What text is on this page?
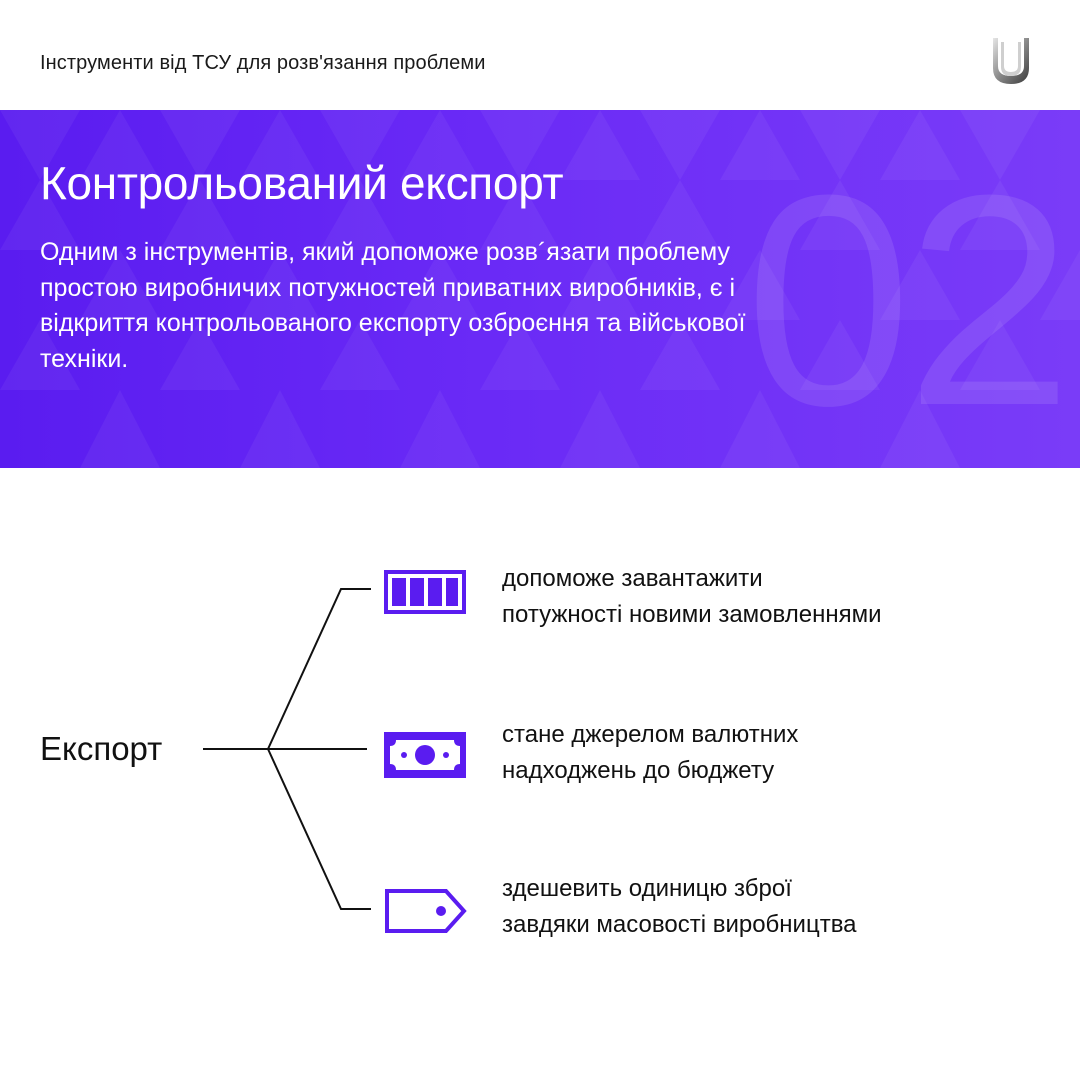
Інструменти від ТСУ для розв'язання проблеми
02
Контрольований експорт
Одним з інструментів, який допоможе розв´язати проблему простою виробничих потужностей приватних виробників, є і відкриття контрольованого експорту озброєння та військової техніки.
Експорт
допоможе завантажити
потужності новими замовленнями
стане джерелом валютних
надходжень до бюджету
здешевить одиницю зброї
завдяки масовості виробництва
